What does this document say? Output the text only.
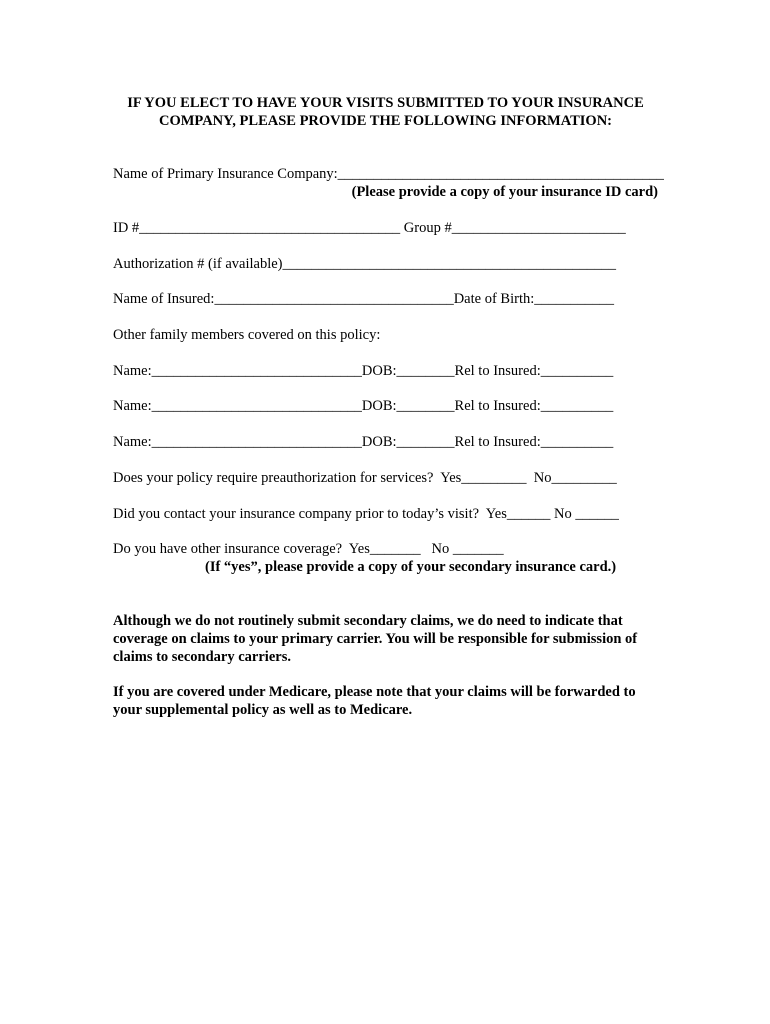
IF YOU ELECT TO HAVE YOUR VISITS SUBMITTED TO YOUR INSURANCE COMPANY, PLEASE PROVIDE THE FOLLOWING INFORMATION:
Name of Primary Insurance Company:_____________________________________________
(Please provide a copy of your insurance ID card)
ID #____________________________________ Group #________________________
Authorization # (if available)______________________________________________
Name of Insured:_________________________________Date of Birth:___________
Other family members covered on this policy:
Name:_____________________________DOB:________Rel to Insured:__________
Name:_____________________________DOB:________Rel to Insured:__________
Name:_____________________________DOB:________Rel to Insured:__________
Does your policy require preauthorization for services?  Yes_________  No_________
Did you contact your insurance company prior to today’s visit?  Yes______ No ______
Do you have other insurance coverage?  Yes_______   No _______
(If “yes”, please provide a copy of your secondary insurance card.)
Although we do not routinely submit secondary claims, we do need to indicate that coverage on claims to your primary carrier. You will be responsible for submission of claims to secondary carriers.
If you are covered under Medicare, please note that your claims will be forwarded to your supplemental policy as well as to Medicare.
